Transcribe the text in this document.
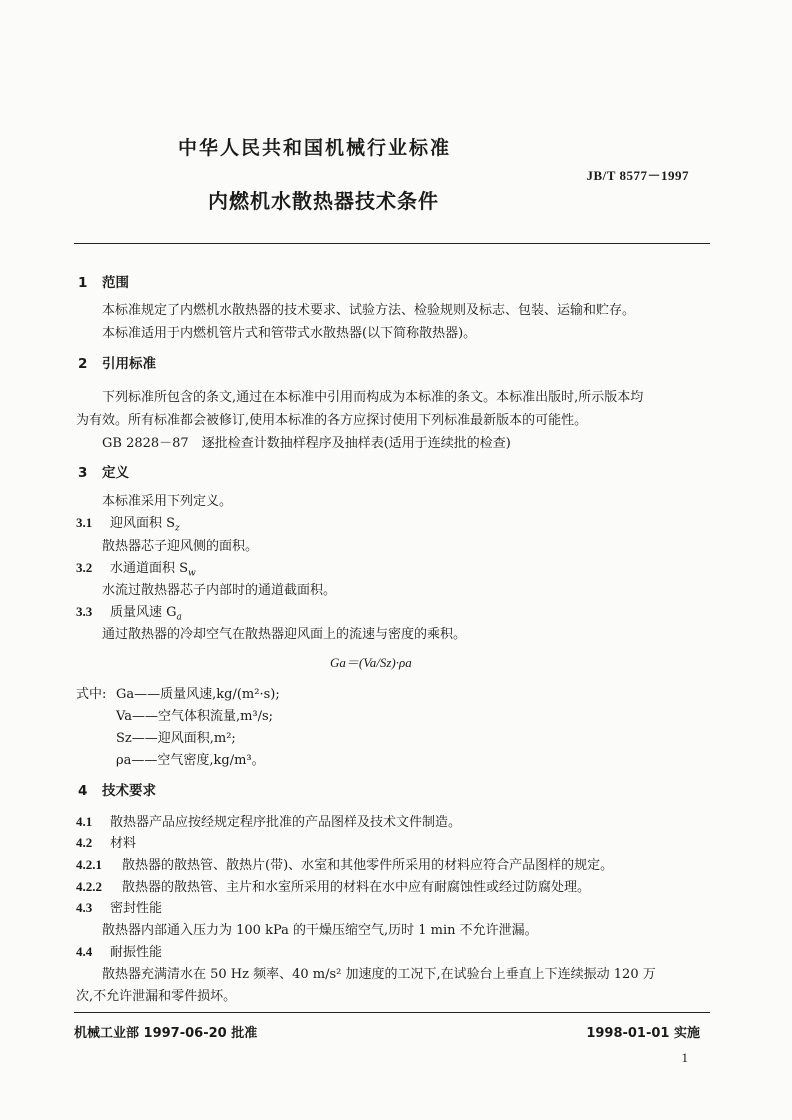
中华人民共和国机械行业标准
JB/T 8577－1997
内燃机水散热器技术条件
1 范围
本标准规定了内燃机水散热器的技术要求、试验方法、检验规则及标志、包装、运输和贮存。
本标准适用于内燃机管片式和管带式水散热器(以下简称散热器)。
2 引用标准
下列标准所包含的条文,通过在本标准中引用而构成为本标准的条文。本标准出版时,所示版本均
为有效。所有标准都会被修订,使用本标准的各方应探讨使用下列标准最新版本的可能性。
GB 2828－87　逐批检查计数抽样程序及抽样表(适用于连续批的检查)
3 定义
本标准采用下列定义。
3.1 迎风面积 $S_z$
散热器芯子迎风侧的面积。
3.2 水通道面积 $S_w$
水流过散热器芯子内部时的通道截面积。
3.3 质量风速 $G_a$
通过散热器的冷却空气在散热器迎风面上的流速与密度的乘积。
Ga＝(Va/Sz)·ρa
式中: Ga——质量风速,kg/(m²·s);
Va——空气体积流量,m³/s;
Sz——迎风面积,m²;
ρa——空气密度,kg/m³。
4 技术要求
4.1 散热器产品应按经规定程序批准的产品图样及技术文件制造。
4.2 材料
4.2.1 散热器的散热管、散热片(带)、水室和其他零件所采用的材料应符合产品图样的规定。
4.2.2 散热器的散热管、主片和水室所采用的材料在水中应有耐腐蚀性或经过防腐处理。
4.3 密封性能
散热器内部通入压力为 100 kPa 的干燥压缩空气,历时 1 min 不允许泄漏。
4.4 耐振性能
散热器充满清水在 50 Hz 频率、40 m/s² 加速度的工况下,在试验台上垂直上下连续振动 120 万
次,不允许泄漏和零件损坏。
机械工业部 1997-06-20 批准	1998-01-01 实施
1
